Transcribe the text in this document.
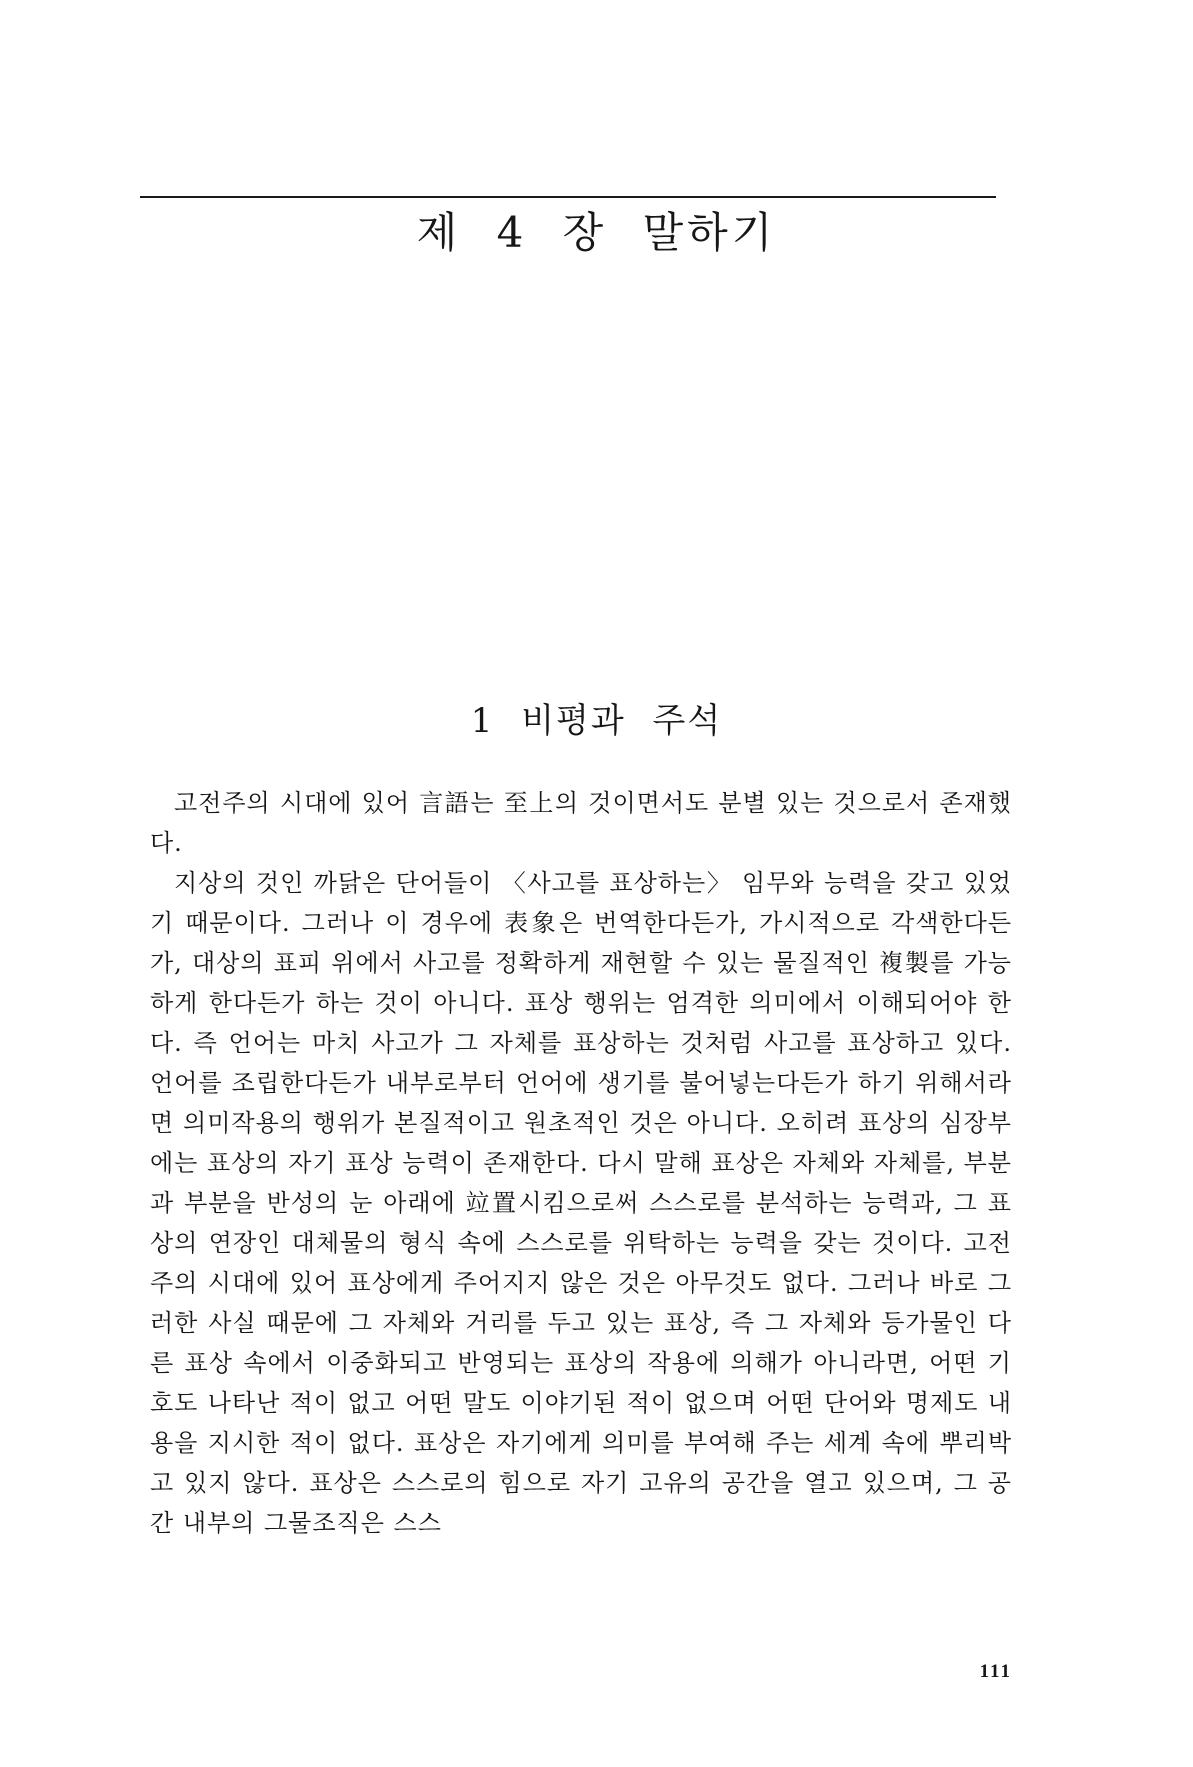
제 4 장 말하기
1 비평과 주석

고전주의 시대에 있어 言語는 至上의 것이면서도 분별 있는 것으로서 존재했다.

지상의 것인 까닭은 단어들이 〈사고를 표상하는〉 임무와 능력을 갖고 있었기 때문이다. 그러나 이 경우에 表象은 번역한다든가, 가시적으로 각색한다든가, 대상의 표피 위에서 사고를 정확하게 재현할 수 있는 물질적인 複製를 가능하게 한다든가 하는 것이 아니다. 표상 행위는 엄격한 의미에서 이해되어야 한다. 즉 언어는 마치 사고가 그 자체를 표상하는 것처럼 사고를 표상하고 있다. 언어를 조립한다든가 내부로부터 언어에 생기를 불어넣는다든가 하기 위해서라면 의미작용의 행위가 본질적이고 원초적인 것은 아니다. 오히려 표상의 심장부에는 표상의 자기 표상 능력이 존재한다. 다시 말해 표상은 자체와 자체를, 부분과 부분을 반성의 눈 아래에 竝置시킴으로써 스스로를 분석하는 능력과, 그 표상의 연장인 대체물의 형식 속에 스스로를 위탁하는 능력을 갖는 것이다. 고전주의 시대에 있어 표상에게 주어지지 않은 것은 아무것도 없다. 그러나 바로 그러한 사실 때문에 그 자체와 거리를 두고 있는 표상, 즉 그 자체와 등가물인 다른 표상 속에서 이중화되고 반영되는 표상의 작용에 의해가 아니라면, 어떤 기호도 나타난 적이 없고 어떤 말도 이야기된 적이 없으며 어떤 단어와 명제도 내용을 지시한 적이 없다. 표상은 자기에게 의미를 부여해 주는 세계 속에 뿌리박고 있지 않다. 표상은 스스로의 힘으로 자기 고유의 공간을 열고 있으며, 그 공간 내부의 그물조직은 스스

111
